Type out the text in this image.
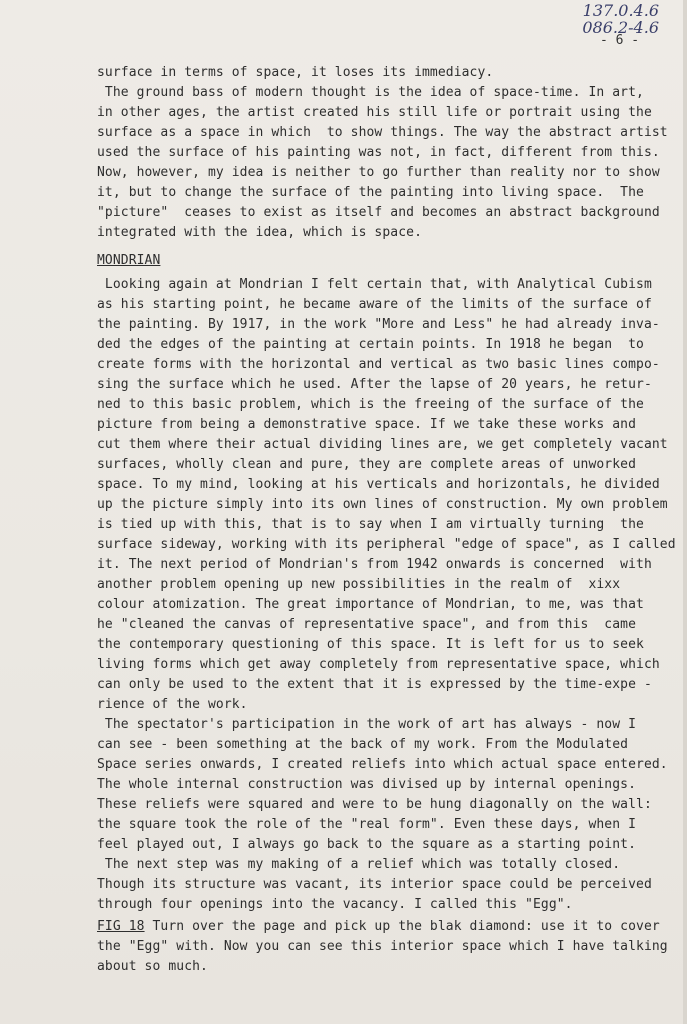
137.0.4.6
086.2-4.6
- 6 -
surface in terms of space, it loses its immediacy.
The ground bass of modern thought is the idea of space-time. In art,
in other ages, the artist created his still life or portrait using the
surface as a space in which  to show things. The way the abstract artist
used the surface of his painting was not, in fact, different from this.
Now, however, my idea is neither to go further than reality nor to show
it, but to change the surface of the painting into living space.  The
"picture"  ceases to exist as itself and becomes an abstract background
integrated with the idea, which is space.
MONDRIAN
Looking again at Mondrian I felt certain that, with Analytical Cubism
as his starting point, he became aware of the limits of the surface of
the painting. By 1917, in the work "More and Less" he had already inva-
ded the edges of the painting at certain points. In 1918 he began  to
create forms with the horizontal and vertical as two basic lines compo-
sing the surface which he used. After the lapse of 20 years, he retur-
ned to this basic problem, which is the freeing of the surface of the
picture from being a demonstrative space. If we take these works and
cut them where their actual dividing lines are, we get completely vacant
surfaces, wholly clean and pure, they are complete areas of unworked
space. To my mind, looking at his verticals and horizontals, he divided
up the picture simply into its own lines of construction. My own problem
is tied up with this, that is to say when I am virtually turning  the
surface sideway, working with its peripheral "edge of space", as I called
it. The next period of Mondrian's from 1942 onwards is concerned  with
another problem opening up new possibilities in the realm of  xixx
colour atomization. The great importance of Mondrian, to me, was that
he "cleaned the canvas of representative space", and from this  came
the contemporary questioning of this space. It is left for us to seek
living forms which get away completely from representative space, which
can only be used to the extent that it is expressed by the time-expe -
rience of the work.
The spectator's participation in the work of art has always - now I
can see - been something at the back of my work. From the Modulated
Space series onwards, I created reliefs into which actual space entered.
The whole internal construction was divised up by internal openings.
These reliefs were squared and were to be hung diagonally on the wall:
the square took the role of the "real form". Even these days, when I
feel played out, I always go back to the square as a starting point.
The next step was my making of a relief which was totally closed.
Though its structure was vacant, its interior space could be perceived
through four openings into the vacancy. I called this "Egg".
FIG 18 Turn over the page and pick up the blak diamond: use it to cover
the "Egg" with. Now you can see this interior space which I have talking
about so much.
